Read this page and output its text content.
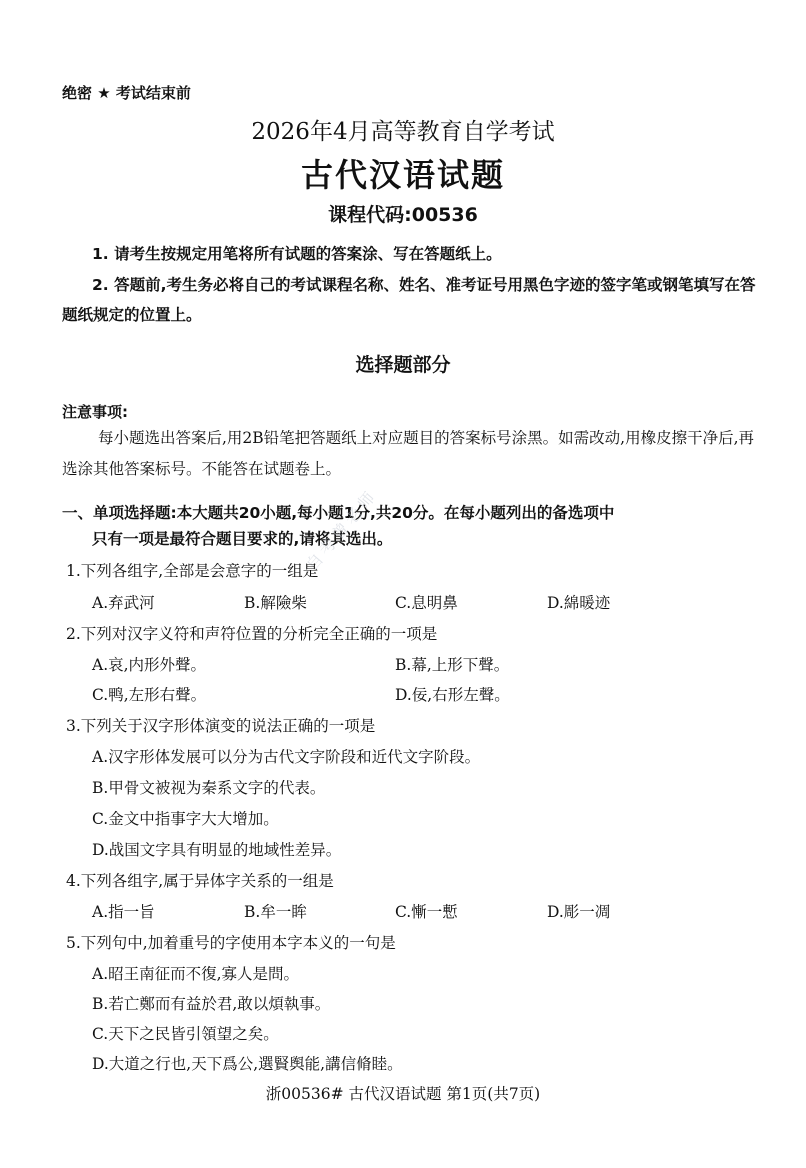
绝密 ★ 考试结束前
2026年4月高等教育自学考试
古代汉语试题
课程代码:00536
1. 请考生按规定用笔将所有试题的答案涂、写在答题纸上。
2. 答题前,考生务必将自己的考试课程名称、姓名、准考证号用黑色字迹的签字笔或钢笔填写在答题纸规定的位置上。
选择题部分
注意事项:
每小题选出答案后,用2B铅笔把答题纸上对应题目的答案标号涂黑。如需改动,用橡皮擦干净后,再选涂其他答案标号。不能答在试题卷上。
一、单项选择题:本大题共20小题,每小题1分,共20分。在每小题列出的备选项中
只有一项是最符合题目要求的,请将其选出。
自考曾老师
1.下列各组字,全部是会意字的一组是
A.弃武河	B.解險柴	C.息明鼻	D.綿暖迹
2.下列对汉字义符和声符位置的分析完全正确的一项是
A.哀,内形外聲。	B.幕,上形下聲。
C.鸭,左形右聲。	D.佞,右形左聲。
3.下列关于汉字形体演变的说法正确的一项是
A.汉字形体发展可以分为古代文字阶段和近代文字阶段。
B.甲骨文被视为秦系文字的代表。
C.金文中指事字大大增加。
D.战国文字具有明显的地域性差异。
4.下列各组字,属于异体字关系的一组是
A.指一旨	B.牟一眸	C.慚一慙	D.彫一凋
5.下列句中,加着重号的字使用本字本义的一句是
A.昭王南征而不復,寡人是問。
B.若亡鄭而有益於君,敢以煩執事。
C.天下之民皆引領望之矣。
D.大道之行也,天下爲公,選賢舆能,講信脩睦。
浙00536# 古代汉语试题 第1页(共7页)
